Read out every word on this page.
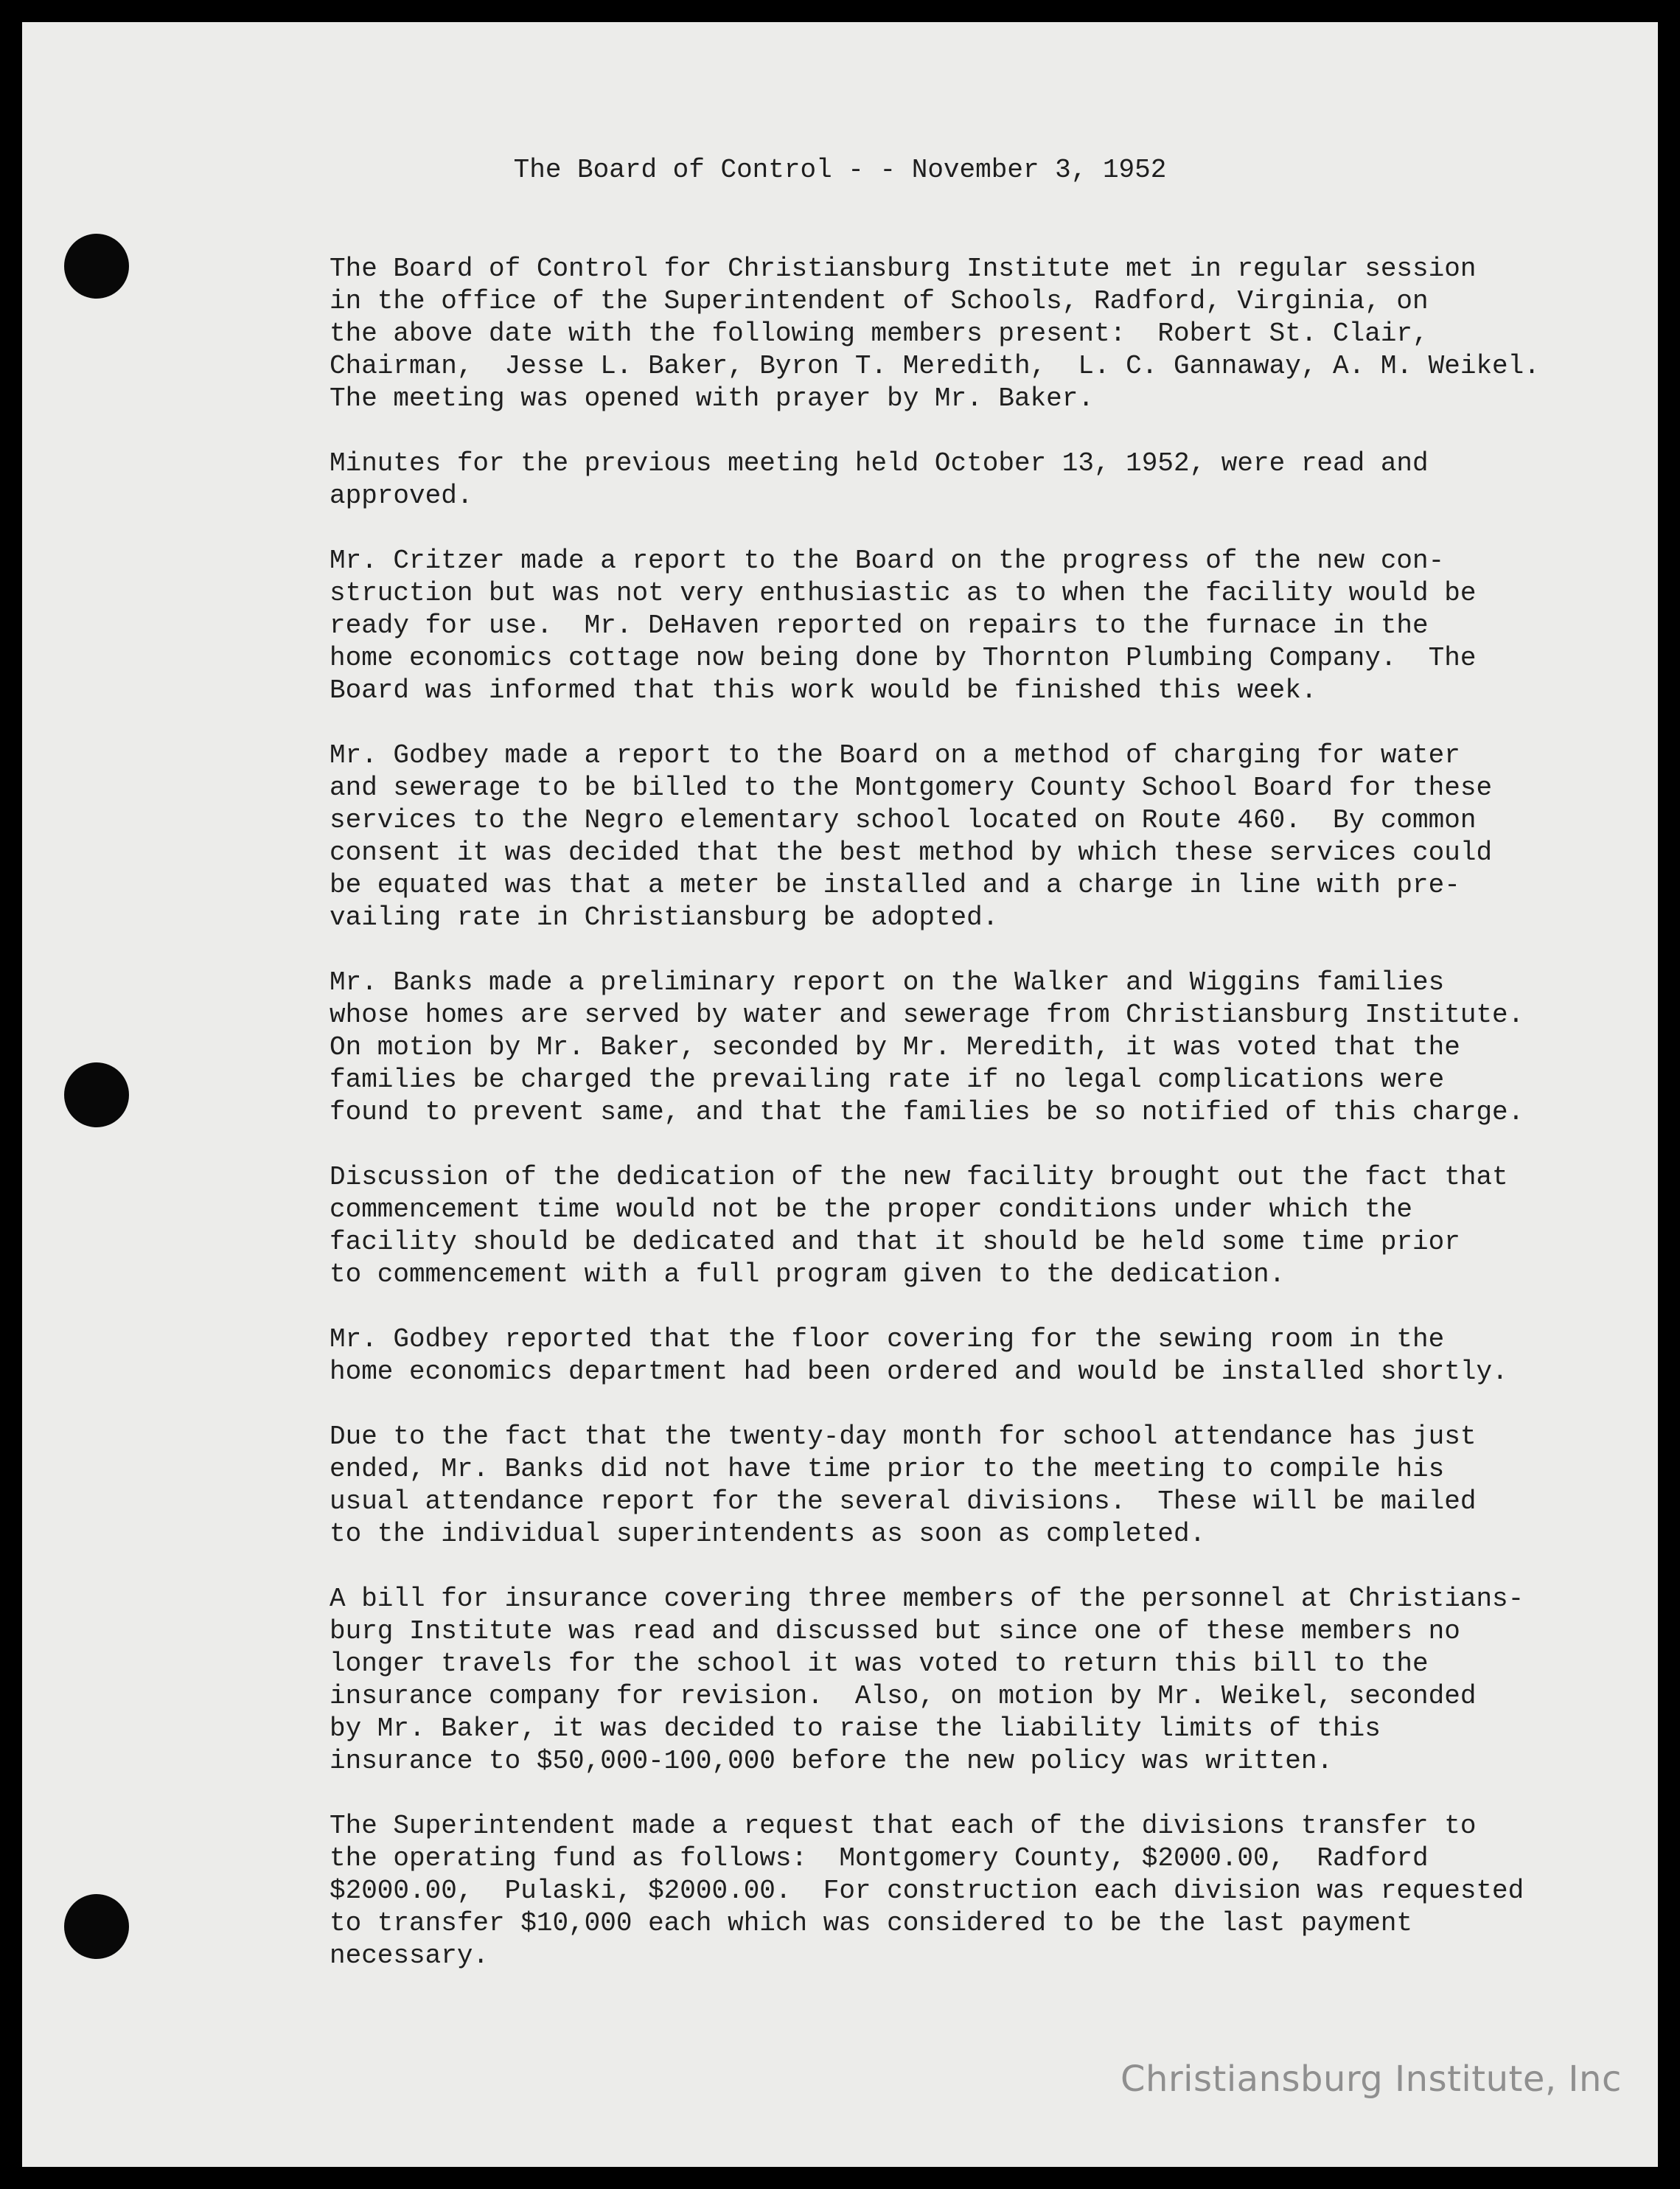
The Board of Control - - November 3, 1952

The Board of Control for Christiansburg Institute met in regular session
in the office of the Superintendent of Schools, Radford, Virginia, on
the above date with the following members present:  Robert St. Clair,
Chairman,  Jesse L. Baker, Byron T. Meredith,  L. C. Gannaway, A. M. Weikel.
The meeting was opened with prayer by Mr. Baker.

Minutes for the previous meeting held October 13, 1952, were read and
approved.

Mr. Critzer made a report to the Board on the progress of the new con-
struction but was not very enthusiastic as to when the facility would be
ready for use.  Mr. DeHaven reported on repairs to the furnace in the
home economics cottage now being done by Thornton Plumbing Company.  The
Board was informed that this work would be finished this week.

Mr. Godbey made a report to the Board on a method of charging for water
and sewerage to be billed to the Montgomery County School Board for these
services to the Negro elementary school located on Route 460.  By common
consent it was decided that the best method by which these services could
be equated was that a meter be installed and a charge in line with pre-
vailing rate in Christiansburg be adopted.

Mr. Banks made a preliminary report on the Walker and Wiggins families
whose homes are served by water and sewerage from Christiansburg Institute.
On motion by Mr. Baker, seconded by Mr. Meredith, it was voted that the
families be charged the prevailing rate if no legal complications were
found to prevent same, and that the families be so notified of this charge.

Discussion of the dedication of the new facility brought out the fact that
commencement time would not be the proper conditions under which the
facility should be dedicated and that it should be held some time prior
to commencement with a full program given to the dedication.

Mr. Godbey reported that the floor covering for the sewing room in the
home economics department had been ordered and would be installed shortly.

Due to the fact that the twenty-day month for school attendance has just
ended, Mr. Banks did not have time prior to the meeting to compile his
usual attendance report for the several divisions.  These will be mailed
to the individual superintendents as soon as completed.

A bill for insurance covering three members of the personnel at Christians-
burg Institute was read and discussed but since one of these members no
longer travels for the school it was voted to return this bill to the
insurance company for revision.  Also, on motion by Mr. Weikel, seconded
by Mr. Baker, it was decided to raise the liability limits of this
insurance to $50,000-100,000 before the new policy was written.

The Superintendent made a request that each of the divisions transfer to
the operating fund as follows:  Montgomery County, $2000.00,  Radford
$2000.00,  Pulaski, $2000.00.  For construction each division was requested
to transfer $10,000 each which was considered to be the last payment
necessary.

Christiansburg Institute, Inc
